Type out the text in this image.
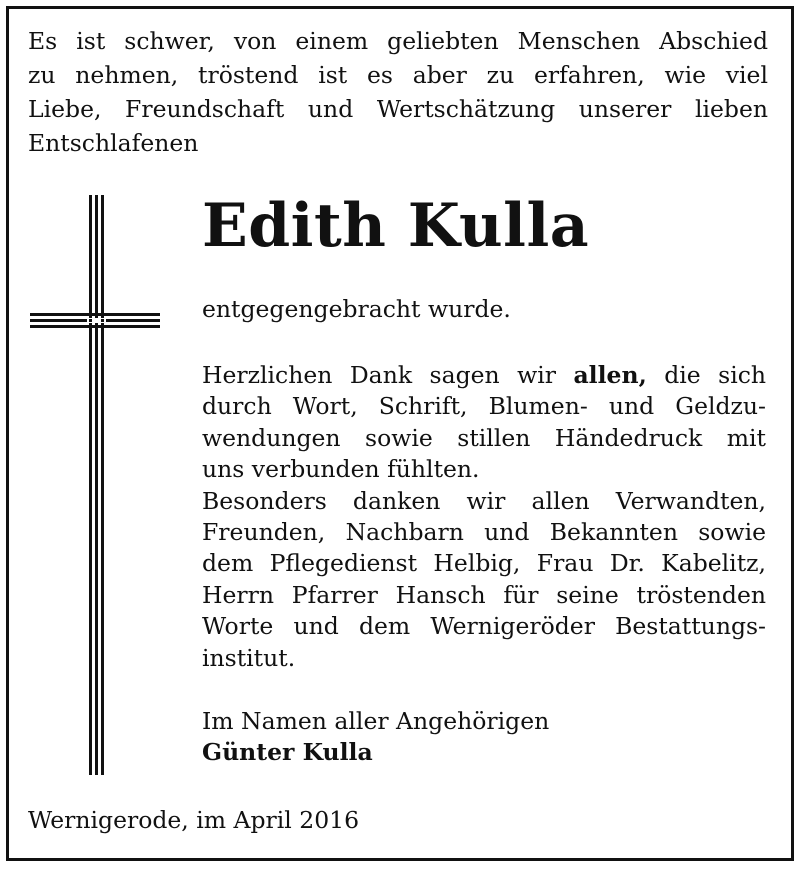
Es ist schwer, von einem geliebten Menschen Abschied
zu nehmen, tröstend ist es aber zu erfahren, wie viel
Liebe, Freundschaft und Wertschätzung unserer lieben
Entschlafenen

Edith Kulla

entgegengebracht wurde.

Herzlichen Dank sagen wir allen, die sich
durch Wort, Schrift, Blumen- und Geldzu-
wendungen sowie stillen Händedruck mit
uns verbunden fühlten.
Besonders danken wir allen Verwandten,
Freunden, Nachbarn und Bekannten sowie
dem Pflegedienst Helbig, Frau Dr. Kabelitz,
Herrn Pfarrer Hansch für seine tröstenden
Worte und dem Wernigeröder Bestattungs-
institut.

Im Namen aller Angehörigen
Günter Kulla

Wernigerode, im April 2016
